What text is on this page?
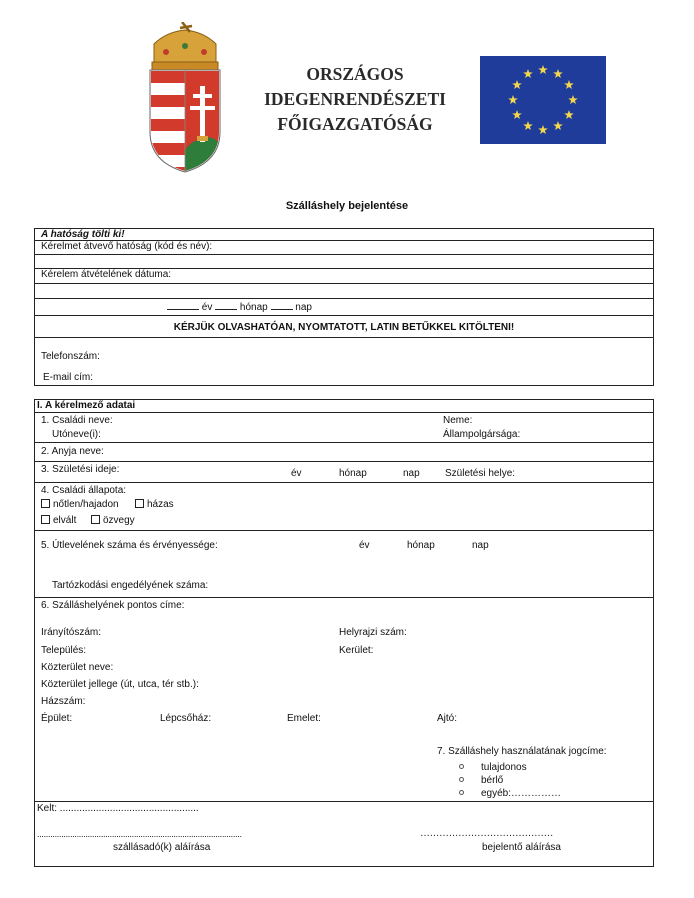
ORSZÁGOS
IDEGENRENDÉSZETI
FŐIGAZGATÓSÁG
Szálláshely bejelentése
A hatóság tölti ki!
Kérelmet átvevő hatóság (kód és név):
Kérelem átvételének dátuma:
év	hónap	nap
KÉRJÜK OLVASHATÓAN, NYOMTATOTT, LATIN BETŰKKEL KITÖLTENI!
Telefonszám:
E-mail cím:
I. A kérelmező adatai
1. Családi neve:
Utóneve(i):
Neme:
Állampolgársága:
2. Anyja neve:
3. Születési ideje:	év	hónap	nap	Születési helye:
4. Családi állapota:
nőtlen/hajadon	házas
elvált	özvegy
5. Útlevelének száma és érvényessége:	év	hónap	nap
Tartózkodási engedélyének száma:
6. Szálláshelyének pontos címe:
Irányítószám:	Helyrajzi szám:
Település:	Kerület:
Közterület neve:
Közterület jellege (út, utca, tér stb.):
Házszám:
Épület:	Lépcsőház:	Emelet:	Ajtó:
7. Szálláshely használatának jogcíme:
tulajdonos
bérlő
egyéb:……………
Kelt: ..................................................
.............................................................................................
szállásadó(k) aláírása
……………………………………
bejelentő aláírása
